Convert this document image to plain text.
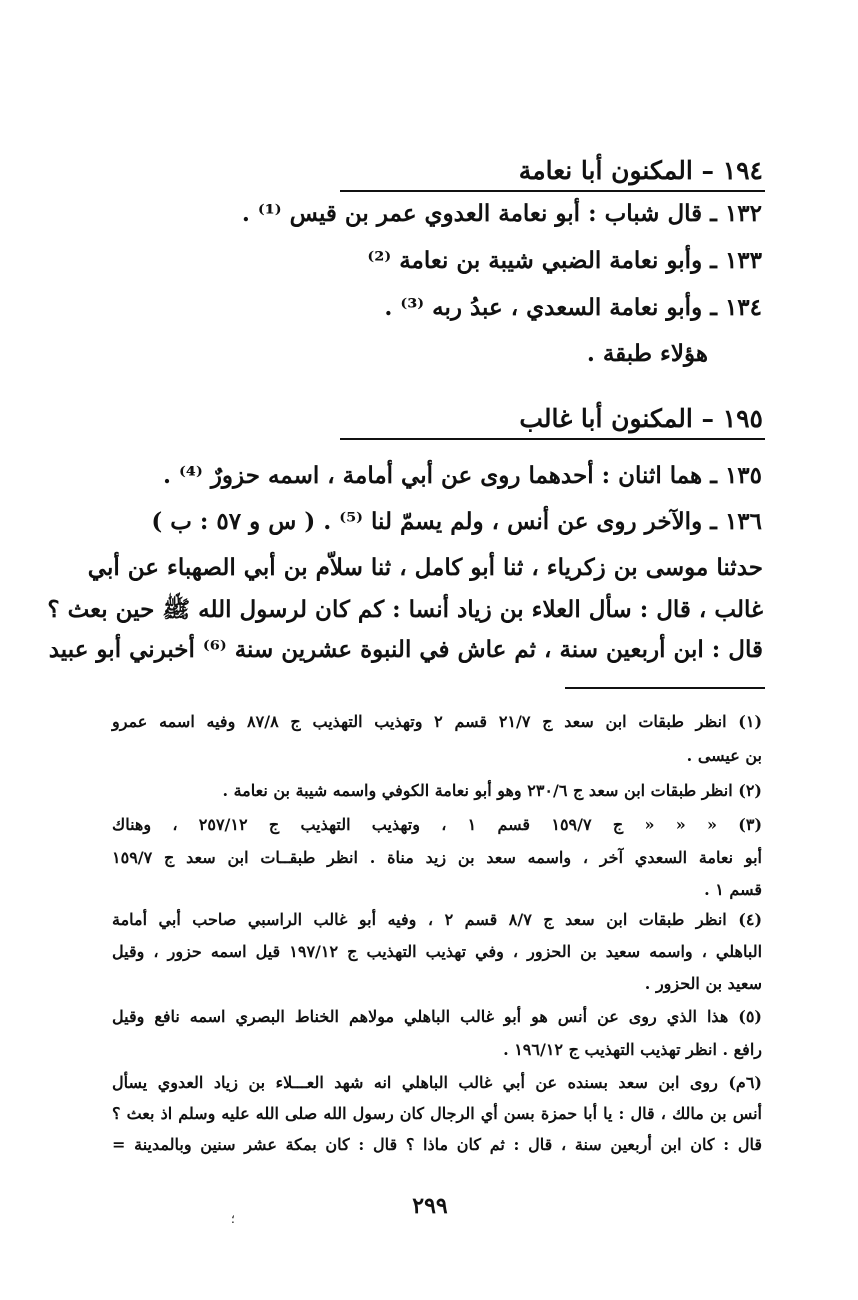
١٩٤ – المكنون أبا نعامة
١٣٢ ـ قال شباب : أبو نعامة العدوي عمر بن قيس ⁽¹⁾ .
١٣٣ ـ وأبو نعامة الضبي شيبة بن نعامة ⁽²⁾
١٣٤ ـ وأبو نعامة السعدي ، عبدُ ربه ⁽³⁾ .
هؤلاء طبقة .
١٩٥ – المكنون أبا غالب
١٣٥ ـ هما اثنان : أحدهما روى عن أبي أمامة ، اسمه حزورٌ ⁽⁴⁾ .
١٣٦ ـ والآخر روى عن أنس ، ولم يسمّ لنا ⁽⁵⁾ . ( س و ٥٧ : ب )
حدثنا موسى بن زكرياء ، ثنا أبو كامل ، ثنا سلاّم بن أبي الصهباء عن أبي
غالب ، قال : سأل العلاء بن زياد أنسا : كم كان لرسول الله ﷺ حين بعث ؟
قال : ابن أربعين سنة ، ثم عاش في النبوة عشرين سنة ⁽⁶⁾ أخبرني أبو عبيد
(١) انظر طبقات ابن سعد ج ٢١/٧ قسم ٢ وتهذيب التهذيب ج ٨٧/٨ وفيه اسمه عمرو
بن عيسى .
(٢) انظر طبقات ابن سعد ج ٢٣٠/٦ وهو أبو نعامة الكوفي واسمه شيبة بن نعامة .
(٣) « « « ج ١٥٩/٧ قسم ١ ، وتهذيب التهذيب ج ٢٥٧/١٢ ، وهناك
أبو نعامة السعدي آخر ، واسمه سعد بن زيد مناة . انظر طبقــات ابن سعد ج ١٥٩/٧
قسم ١ .
(٤) انظر طبقات ابن سعد ج ٨/٧ قسم ٢ ، وفيه أبو غالب الراسبي صاحب أبي أمامة
الباهلي ، واسمه سعيد بن الحزور ، وفي تهذيب التهذيب ج ١٩٧/١٢ قيل اسمه حزور ، وقيل
سعيد بن الحزور .
(٥) هذا الذي روى عن أنس هو أبو غالب الباهلي مولاهم الخناط البصري اسمه نافع وقيل
رافع . انظر تهذيب التهذيب ج ١٩٦/١٢ .
(٦م) روى ابن سعد بسنده عن أبي غالب الباهلي انه شهد العـــلاء بن زياد العدوي يسأل
أنس بن مالك ، قال : يا أبا حمزة بسن أي الرجال كان رسول الله صلى الله عليه وسلم اذ بعث ؟
قال : كان ابن أربعين سنة ، قال : ثم كان ماذا ؟ قال : كان بمكة عشر سنين وبالمدينة =
٢٩٩
؛
